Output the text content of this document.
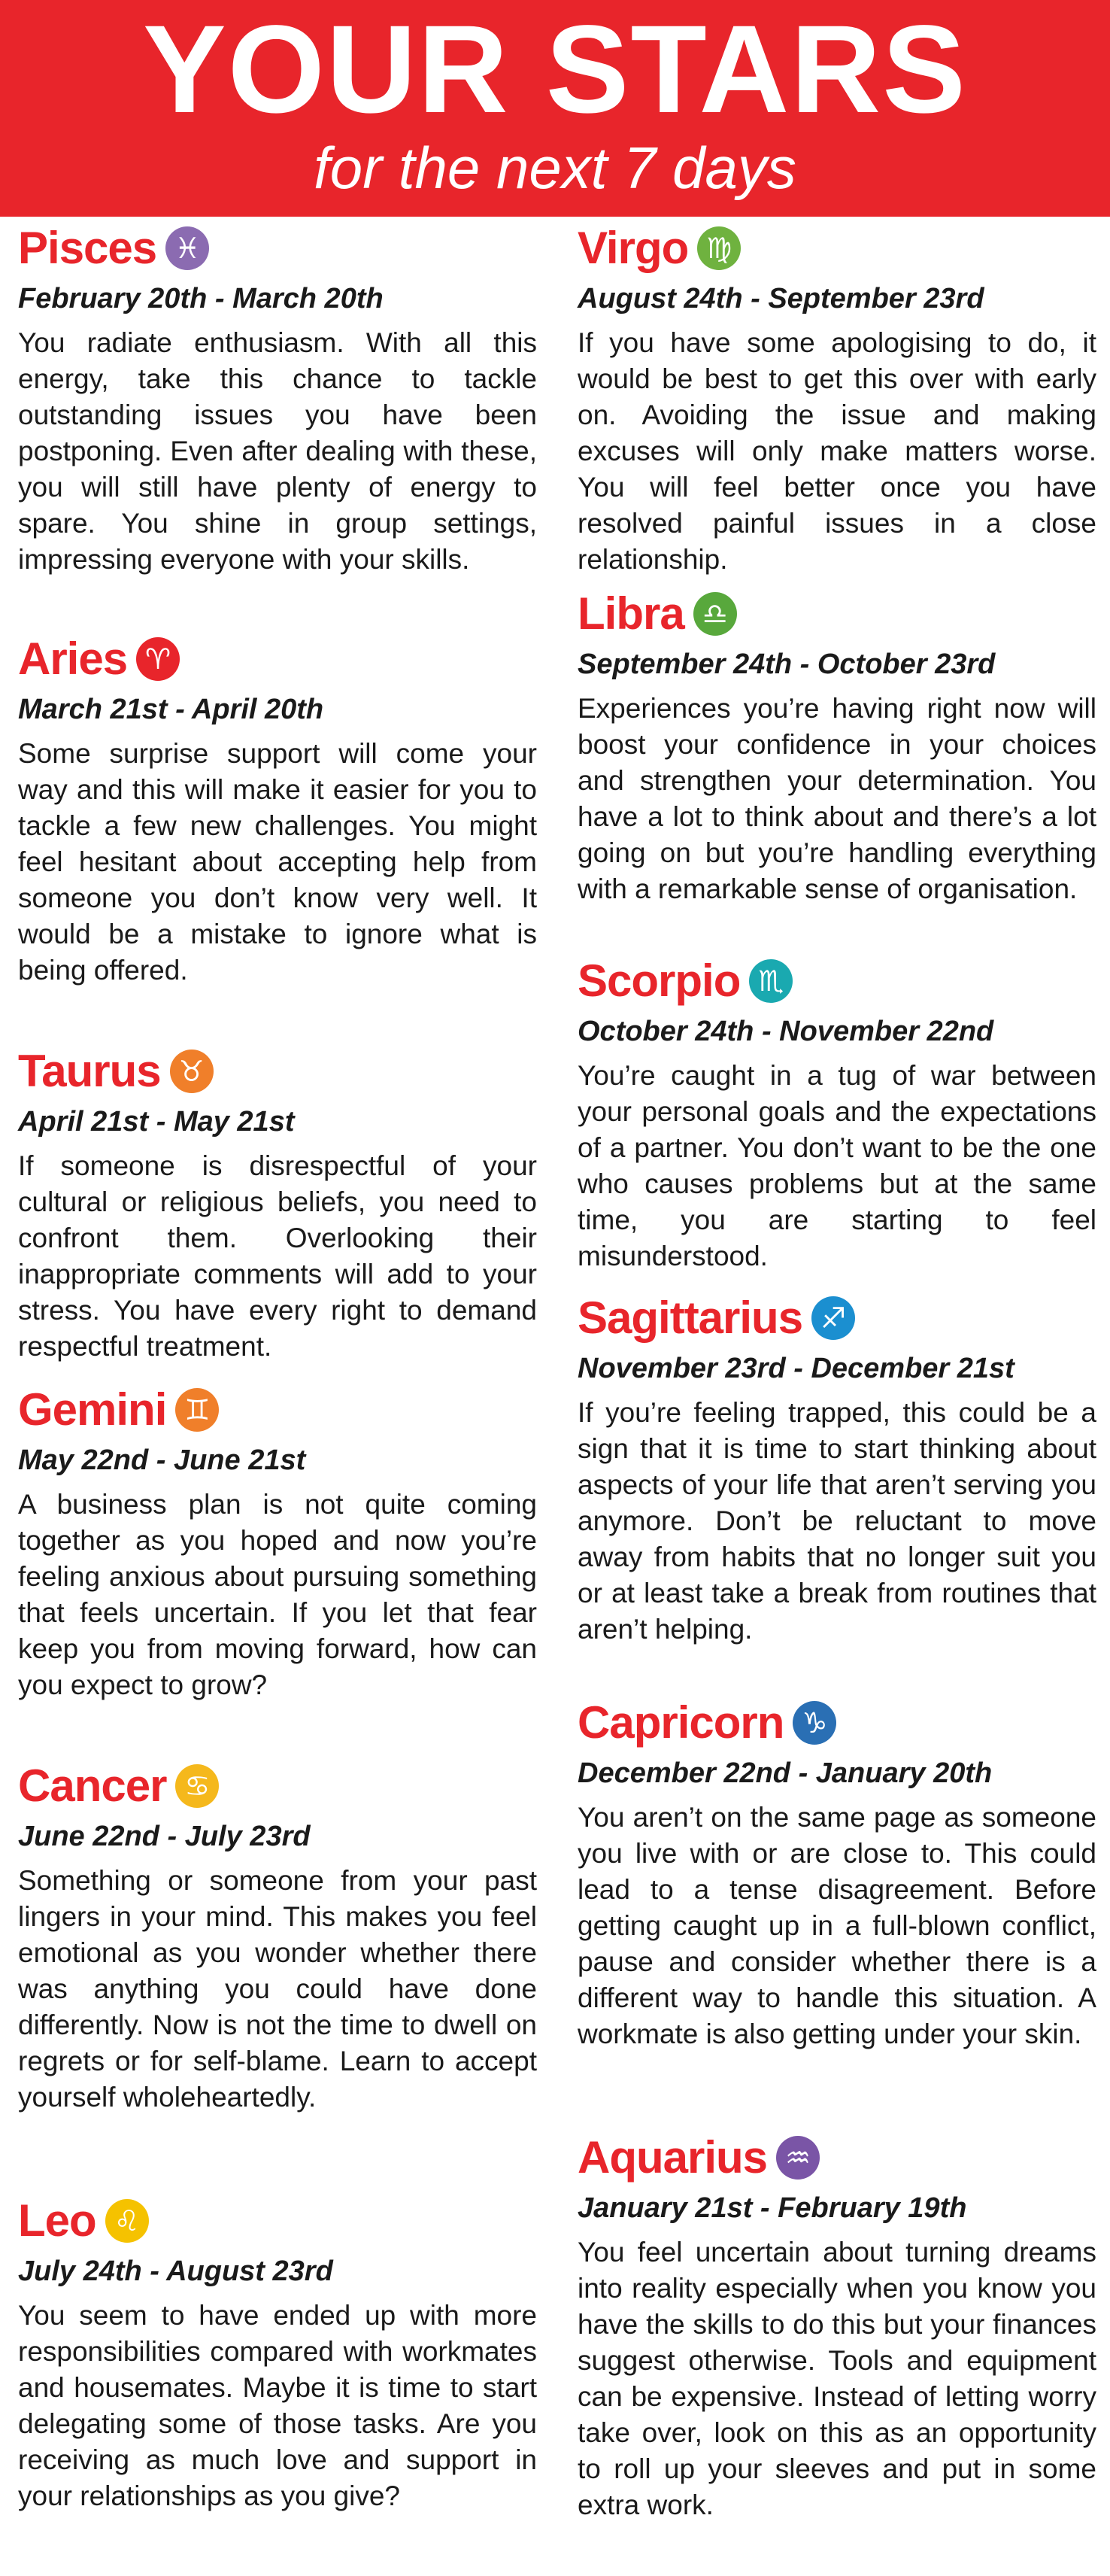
YOUR STARS
for the next 7 days
Pisces ♓
February 20th - March 20th
You radiate enthusiasm. With all this energy, take this chance to tackle outstanding issues you have been postponing. Even after dealing with these, you will still have plenty of energy to spare. You shine in group settings, impressing everyone with your skills.
Aries ♈
March 21st - April 20th
Some surprise support will come your way and this will make it easier for you to tackle a few new challenges. You might feel hesitant about accepting help from someone you don’t know very well. It would be a mistake to ignore what is being offered.
Taurus ♉
April 21st - May 21st
If someone is disrespectful of your cultural or religious beliefs, you need to confront them. Overlooking their inappropriate comments will add to your stress. You have every right to demand respectful treatment.
Gemini ♊
May 22nd - June 21st
A business plan is not quite coming together as you hoped and now you’re feeling anxious about pursuing something that feels uncertain. If you let that fear keep you from moving forward, how can you expect to grow?
Cancer ♋
June 22nd - July 23rd
Something or someone from your past lingers in your mind. This makes you feel emotional as you wonder whether there was anything you could have done differently. Now is not the time to dwell on regrets or for self-blame. Learn to accept yourself wholeheartedly.
Leo ♌
July 24th - August 23rd
You seem to have ended up with more responsibilities compared with workmates and housemates. Maybe it is time to start delegating some of those tasks. Are you receiving as much love and support in your relationships as you give?
Virgo ♍
August 24th - September 23rd
If you have some apologising to do, it would be best to get this over with early on. Avoiding the issue and making excuses will only make matters worse. You will feel better once you have resolved painful issues in a close relationship.
Libra ♎
September 24th - October 23rd
Experiences you’re having right now will boost your confidence in your choices and strengthen your determination. You have a lot to think about and there’s a lot going on but you’re handling everything with a remarkable sense of organisation.
Scorpio ♏
October 24th - November 22nd
You’re caught in a tug of war between your personal goals and the expectations of a partner. You don’t want to be the one who causes problems but at the same time, you are starting to feel misunderstood.
Sagittarius ♐
November 23rd - December 21st
If you’re feeling trapped, this could be a sign that it is time to start thinking about aspects of your life that aren’t serving you anymore. Don’t be reluctant to move away from habits that no longer suit you or at least take a break from routines that aren’t helping.
Capricorn ♑
December 22nd - January 20th
You aren’t on the same page as someone you live with or are close to. This could lead to a tense disagreement. Before getting caught up in a full-blown conflict, pause and consider whether there is a different way to handle this situation. A workmate is also getting under your skin.
Aquarius ♒
January 21st - February 19th
You feel uncertain about turning dreams into reality especially when you know you have the skills to do this but your finances suggest otherwise. Tools and equipment can be expensive. Instead of letting worry take over, look on this as an opportunity to roll up your sleeves and put in some extra work.
